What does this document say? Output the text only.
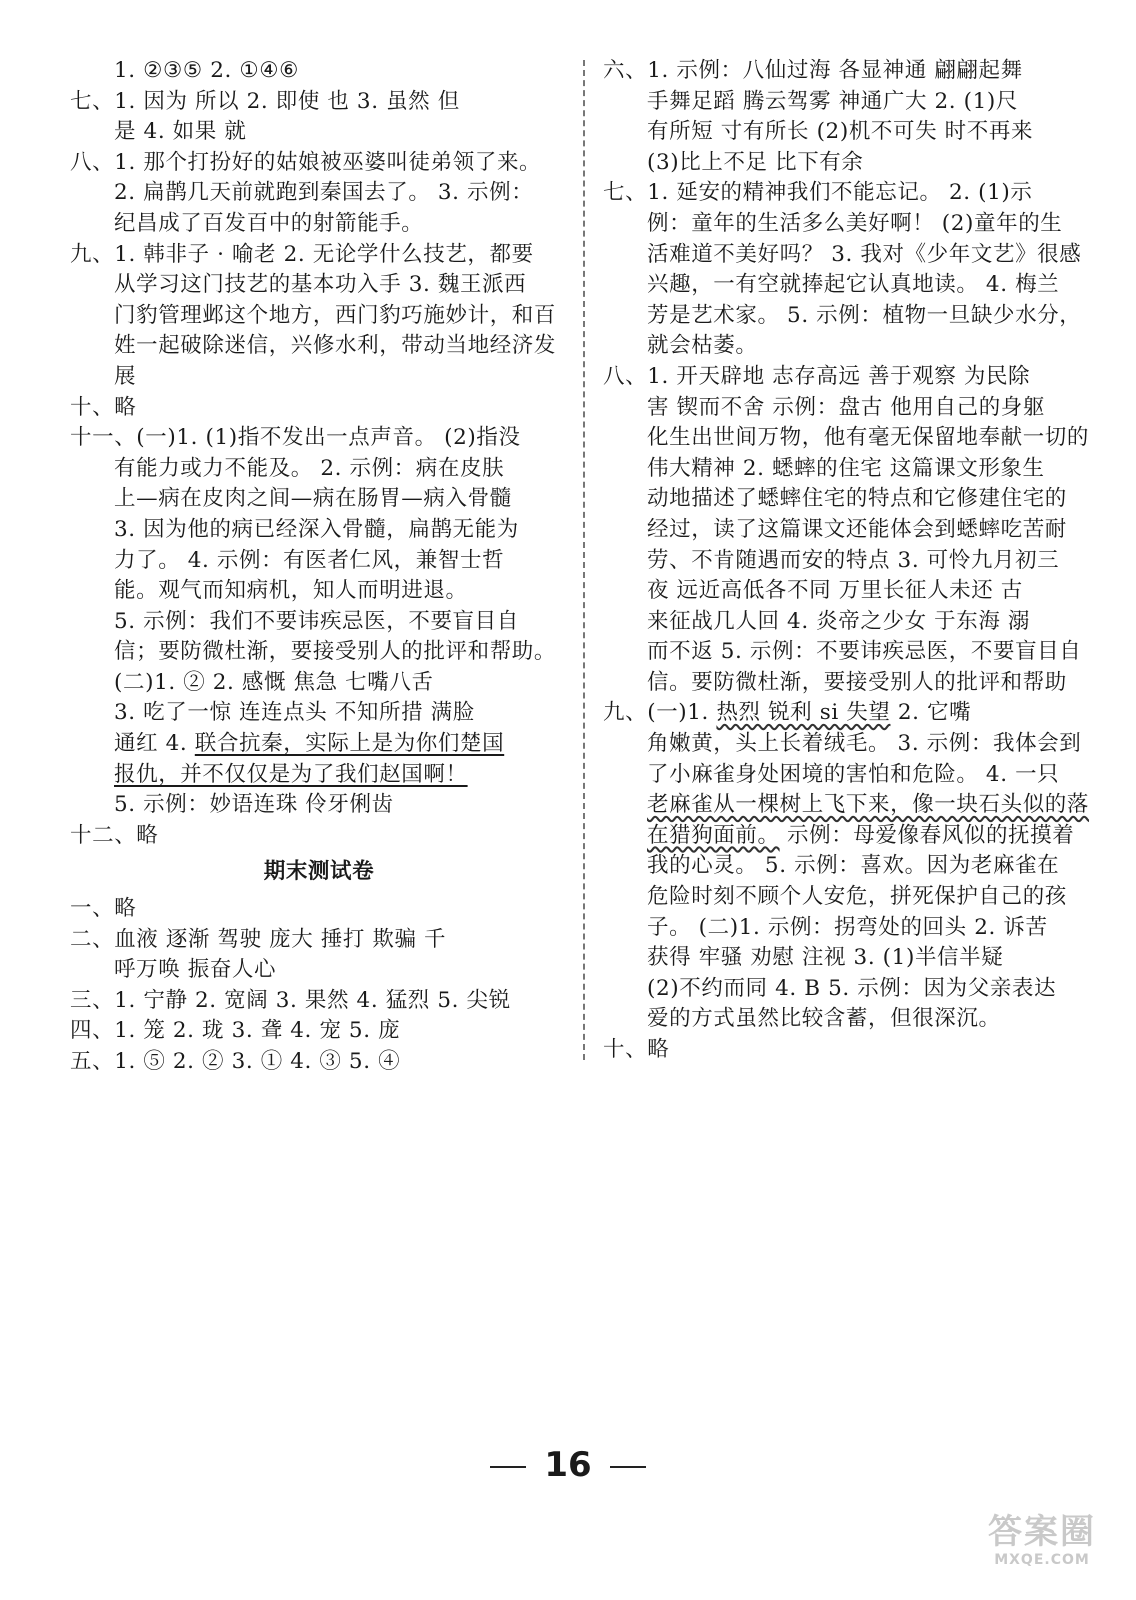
1. ②③⑤ 2. ①④⑥
七、1. 因为 所以 2. 即使 也 3. 虽然 但
是 4. 如果 就
八、1. 那个打扮好的姑娘被巫婆叫徒弟领了来。
2. 扁鹊几天前就跑到秦国去了。 3. 示例：
纪昌成了百发百中的射箭能手。
九、1. 韩非子 · 喻老 2. 无论学什么技艺，都要
从学习这门技艺的基本功入手 3. 魏王派西
门豹管理邺这个地方，西门豹巧施妙计，和百
姓一起破除迷信，兴修水利，带动当地经济发
展
十、略
十一、(一)1. (1)指不发出一点声音。 (2)指没
有能力或力不能及。 2. 示例：病在皮肤
上—病在皮肉之间—病在肠胃—病入骨髓
3. 因为他的病已经深入骨髓，扁鹊无能为
力了。 4. 示例：有医者仁风，兼智士哲
能。观气而知病机，知人而明进退。
5. 示例：我们不要讳疾忌医，不要盲目自
信；要防微杜渐，要接受别人的批评和帮助。
(二)1. ② 2. 感慨 焦急 七嘴八舌
3. 吃了一惊 连连点头 不知所措 满脸
通红 4. 联合抗秦，实际上是为你们楚国
报仇，并不仅仅是为了我们赵国啊！
5. 示例：妙语连珠 伶牙俐齿
十二、略
期末测试卷
一、略
二、血液 逐渐 驾驶 庞大 捶打 欺骗 千
呼万唤 振奋人心
三、1. 宁静 2. 宽阔 3. 果然 4. 猛烈 5. 尖锐
四、1. 笼 2. 珑 3. 聋 4. 宠 5. 庞
五、1. ⑤ 2. ② 3. ① 4. ③ 5. ④
六、1. 示例：八仙过海 各显神通 翩翩起舞
手舞足蹈 腾云驾雾 神通广大 2. (1)尺
有所短 寸有所长 (2)机不可失 时不再来
(3)比上不足 比下有余
七、1. 延安的精神我们不能忘记。 2. (1)示
例：童年的生活多么美好啊！ (2)童年的生
活难道不美好吗？ 3. 我对《少年文艺》很感
兴趣，一有空就捧起它认真地读。 4. 梅兰
芳是艺术家。 5. 示例：植物一旦缺少水分，
就会枯萎。
八、1. 开天辟地 志存高远 善于观察 为民除
害 锲而不舍 示例：盘古 他用自己的身躯
化生出世间万物，他有毫无保留地奉献一切的
伟大精神 2. 蟋蟀的住宅 这篇课文形象生
动地描述了蟋蟀住宅的特点和它修建住宅的
经过，读了这篇课文还能体会到蟋蟀吃苦耐
劳、不肯随遇而安的特点 3. 可怜九月初三
夜 远近高低各不同 万里长征人未还 古
来征战几人回 4. 炎帝之少女 于东海 溺
而不返 5. 示例：不要讳疾忌医，不要盲目自
信。要防微杜渐，要接受别人的批评和帮助
九、(一)1. 热烈 锐利 si 失望 2. 它嘴
角嫩黄，头上长着绒毛。 3. 示例：我体会到
了小麻雀身处困境的害怕和危险。 4. 一只
老麻雀从一棵树上飞下来，像一块石头似的落
在猎狗面前。 示例：母爱像春风似的抚摸着
我的心灵。 5. 示例：喜欢。因为老麻雀在
危险时刻不顾个人安危，拼死保护自己的孩
子。 (二)1. 示例：拐弯处的回头 2. 诉苦
获得 牢骚 劝慰 注视 3. (1)半信半疑
(2)不约而同 4. B 5. 示例：因为父亲表达
爱的方式虽然比较含蓄，但很深沉。
十、略
16
答案圈
MXQE.COM
